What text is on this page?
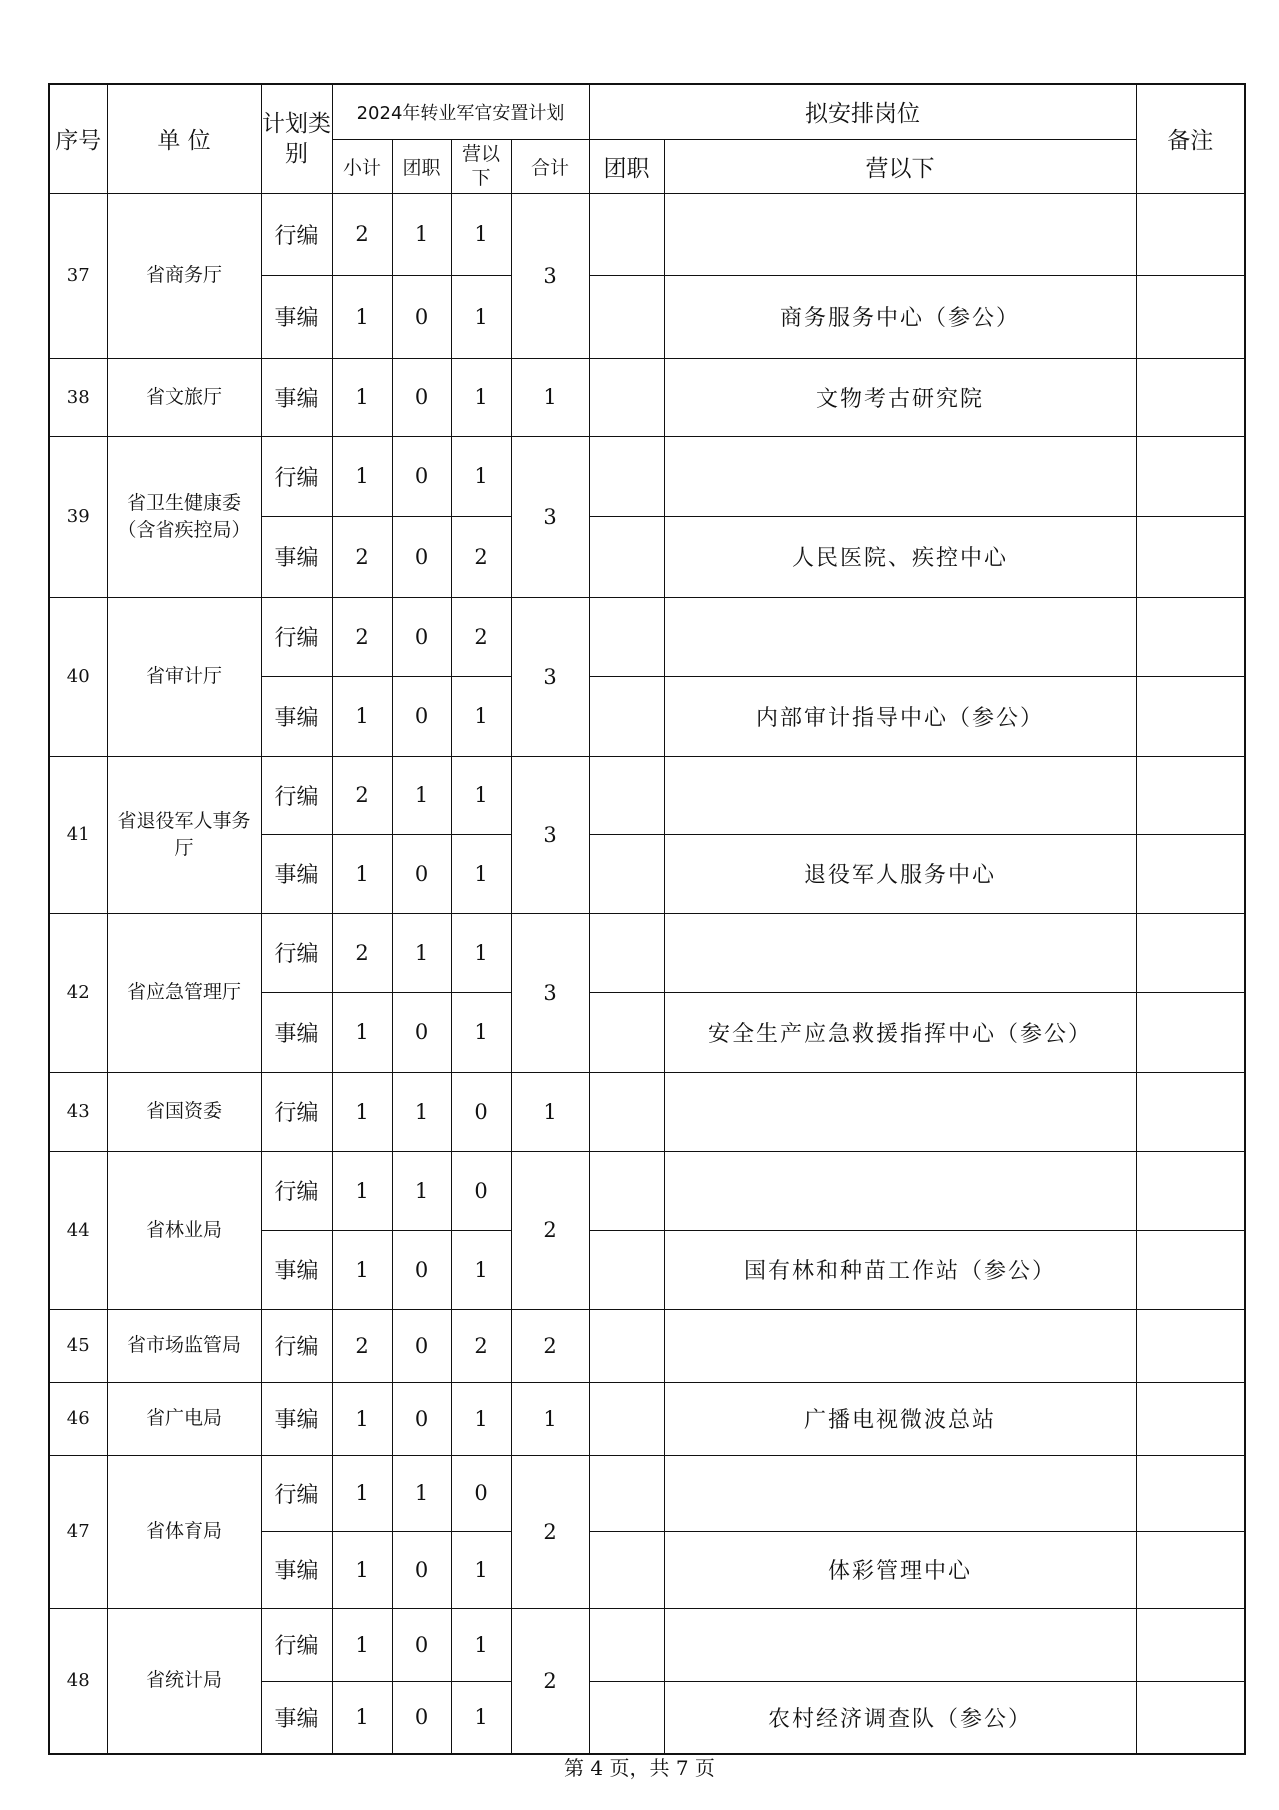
序号	单 位	计划类别	2024年转业军官安置计划				拟安排岗位		备注
			小计	团职	营以下	合计	团职	营以下	
37	省商务厅	行编	2	1	1	3			
		事编	1	0	1			商务服务中心（参公）	
38	省文旅厅	事编	1	0	1	1		文物考古研究院	
39	省卫生健康委（含省疾控局）	行编	1	0	1	3			
		事编	2	0	2			人民医院、疾控中心	
40	省审计厅	行编	2	0	2	3			
		事编	1	0	1			内部审计指导中心（参公）	
41	省退役军人事务厅	行编	2	1	1	3			
		事编	1	0	1			退役军人服务中心	
42	省应急管理厅	行编	2	1	1	3			
		事编	1	0	1			安全生产应急救援指挥中心（参公）	
43	省国资委	行编	1	1	0	1			
44	省林业局	行编	1	1	0	2			
		事编	1	0	1			国有林和种苗工作站（参公）	
45	省市场监管局	行编	2	0	2	2			
46	省广电局	事编	1	0	1	1		广播电视微波总站	
47	省体育局	行编	1	1	0	2			
		事编	1	0	1			体彩管理中心	
48	省统计局	行编	1	0	1	2			
		事编	1	0	1			农村经济调查队（参公）	
第 4 页，共 7 页
